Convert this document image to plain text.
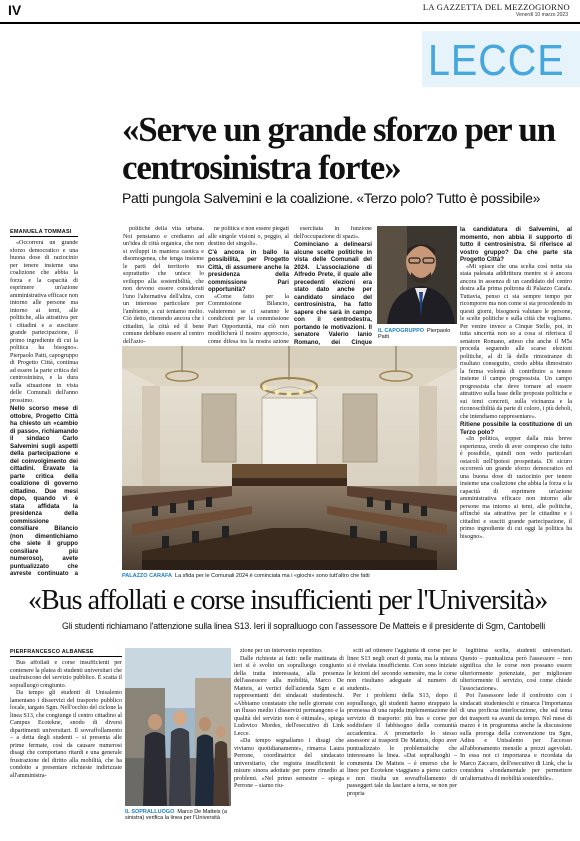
IV	LA GAZZETTA DEL MEZZOGIORNO
Venerdì 10 marzo 2023
LECCE
«Serve un grande sforzo per un centrosinistra forte»
Patti pungola Salvemini e la coalizione. «Terzo polo? Tutto è possibile»
EMANUELA TOMMASI

«Occorrerà un grande sforzo democratico e una buona dose di raziocinio per tenere insieme una coalizione che abbia la forza e la capacità di esprimere un'azione amministrativa efficace non intorno alle persone ma intorno ai temi, alle politiche, alla attrattiva per i cittadini e a suscitare grande partecipazione, il primo ingrediente di cui la politica ha bisogno». Pierpaolo Patti, capogruppo di Progetto Città, continua ad essere la parte critica del centrosinistra, e la dura sulla situazione in vista delle Comunali dell'anno prossimo.

Nello scorso mese di ottobre, Progetto Città ha chiesto un «cambio di passo», richiamando il sindaco Carlo Salvemini sugli aspetti della partecipazione e del coinvolgimento dei cittadini. Eravate la parte critica della coalizione di governo cittadino. Due mesi dopo, quando vi è stata affidata la presidenza della commissione consiliare Bilancio (non dimentichiamo che siete il gruppo consiliare più numeroso), avete puntualizzato che avreste continuato a

politiche della vita urbana. Noi pensiamo e crediamo ad un'idea di città organica, che non si sviluppi in maniera caotica e disomogenea, che tenga insieme le parti del territorio ma soprattutto che unisce lo sviluppo alla sostenibilità, che non devono essere considerati l'uno l'alternativa dell'altra, con un interesse particolare per l'ambiente, a cui teniamo molto. Ciò detto, ritenendo ancora che i cittadini, la città ed il bene comune debbano essere al centro dell'azio-

ne politica e non essere piegati alle singole visioni o, peggio, al destino dei singoli».

C'è ancora in ballo la possibilità, per Progetto Città, di assumere anche la presidenza della commissione Pari opportunità?

«Come fatto per la Commissione Bilancio, valuteremo se ci saranno le condizioni per la commissione Pari Opportunità, ma ciò non modificherà il nostro approccio, come difesa tra la nostra azione

esercitata in funzione dell'occupazione di spazi».

Cominciano a delinearsi alcune scelte politiche in vista delle Comunali del 2024. L'associazione di Alfredo Prete, il quale alle precedenti elezioni era stato dato anche per candidato sindaco del centrosinistra, ha fatto sapere che sarà in campo con il centrodestra, portando le motivazioni. Il senatore Valerio Ianio Romano, dei Cinque

la candidatura di Salvemini, al momento, non abbia il supporto di tutto il centrosinistra. Si riferisce al vostro gruppo? Da che parte sta Progetto Città?

«Mi spiace che una scelta così netta sia stata palesata addirittura mentre si è ancora ancora in assenza di un candidato del centro destra alla prima poltrona di Palazzo Carafa. Tuttavia, penso ci sia sempre tempo per ricomporre ma non come si sta procedendo in questi giorni, bisognerà valutare le persone, le scelte politiche e sulla città che vogliamo. Per venire invece a Cinque Stelle, poi, in tutta sincerità non so a cosa si riferisca il senatore Romano, atteso che anche il M5s proceda seguendo alle scarse elezioni politiche, al di là delle rimostranze di risultato conseguito, credo abbia dimostrato la ferma volontà di contribuire a tenere insieme il campo progressista. Un campo progressista che deve tornare ad essere attrattivo sulla base delle proposte politiche e sui temi concreti, sulla vicinanza e la riconoscibilità da parte di coloro, i più deboli, che intendiamo rappresentare».

Ritiene possibile la costituzione di un Terzo polo?

«In politica, sopper dalla mia breve esperienza, credo di aver compreso che tutto è possibile, quindi non vedo particolari ostacoli nell'ipotesi prospettata. Di sicuro occorrerà un grande sforzo democratico ed una buona dose di raziocinio per tenere insieme una coalizione che abbia la forza e la capacità di esprimere un'azione amministrativa efficace non intorno alle persone ma intorno ai temi, alle politiche, affinché sia attrattiva per le cittadine e i cittadini e susciti grande partecipazione, il primo ingrediente di cui oggi la politica ha bisogno».

IL CAPOGRUPPO Pierpaolo Patti
PALAZZO CARAFA La sfida per le Comunali 2024 è cominciata ma i «giochi» sono tutt'altro che fatti
«Bus affollati e corse insufficienti per l'Università»
Gli studenti richiamano l'attenzione sulla linea S13. Ieri il sopralluogo con l'assessore De Matteis e il presidente di Sgm, Cantobelli
PIERFRANCESCO ALBANESE

Bus affollati e corse insufficienti per contenere la platea di studenti universitari che usufruiscono del servizio pubblico. È scatta il sopralluogo congiunto.

Da tempo gli studenti di Unisalento lamentano i disservizi del trasporto pubblico locale, targato Sgm. Nell'occhio del ciclone la linea S13, che congiunge il centro cittadino al Campus Ecotekne, snodo di diversi dipartimenti universitari. Il sovraffollamento – a detta degli studenti – si presenta alle prime fermate, così da causare numerosi disagi che comportano ritardi e una generale frustrazione del diritto alla mobilità, che ha condotto a presentare richieste indirizzate all'amministra-

IL SOPRALLUOGO Marco De Matteis (a sinistra) verifica la linea per l'Università

zione per un intervento repentino.

Dalle richieste ai fatti: nelle mattinata di ieri si è svolto un sopralluogo congiunto della tratta interessata, alla presenza dell'assessore alla mobilità, Marco De Matteis, ai vertici dell'azienda Sgm e ai rappresentanti dei sindacati studenteschi. «Abbiamo constatato che nelle giornate con un flusso medio i disservizi permangono e la qualità del servizio non è ottimale», spiega Ludovico Mordes, dell'esecutivo di Link Lecce.

«Da tempo segnaliamo i disagi che viviamo quotidianamente», rimarca Laura Perrone, coordinatrice del sindacato universitario, che registra insufficienti le misure sinora adottate per porre rimedio ai problemi. «Nel primo semestre – spiega Perrone – siamo riu-

sciti ad ottenere l'aggiunta di corse per le linee S13 negli orari di punta, ma la misura si è rivelata insufficiente. Con sono iniziate le lezioni del secondo semestre, ma le corse non risultano adeguate al numero di studenti».

Per i problemi della S13, dopo il sopralluogo, gli studenti hanno strappato la promessa di una rapida implementazione del servizio di trasporto: più bus e corse per soddisfare il fabbisogno della comunità accademica. A prometterlo lo stesso assessore ai trasporti De Matteis, dopo aver puntualizzato le problematiche che interessano la linea. «Dai sopralluoghi – commenta De Matteis – è emerso che le linee per Ecotekne viaggiano a pieno carico e non risulta un sovraffollamento di passeggeri tale da lasciare a terra, se non per propria

legittima scelta, studenti universitari. Questo – puntualizza però l'assessore – non significa che le corse non possano essere ulteriormente potenziate, per migliorare ulteriormente il servizio, così come chiede l'associazione».

Poi l'assessore lede il confronto con i sindacati studenteschi e rimarca l'importanza di una proficua interlocuzione, che sul tema dei trasporti va avanti da tempo. Nel mese di marzo è in programma anche la discussione sulla proroga della convenzione tra Sgm, Adisu e Unisalento per l'accesso all'abbonamento mensile a prezzi agevolati. In essa noi ci importanza e ricordata da Marco Zaccaro, dell'esecutivo di Link, che la considera «fondamentale per permettere un'alternativa di mobilità sostenibile».
